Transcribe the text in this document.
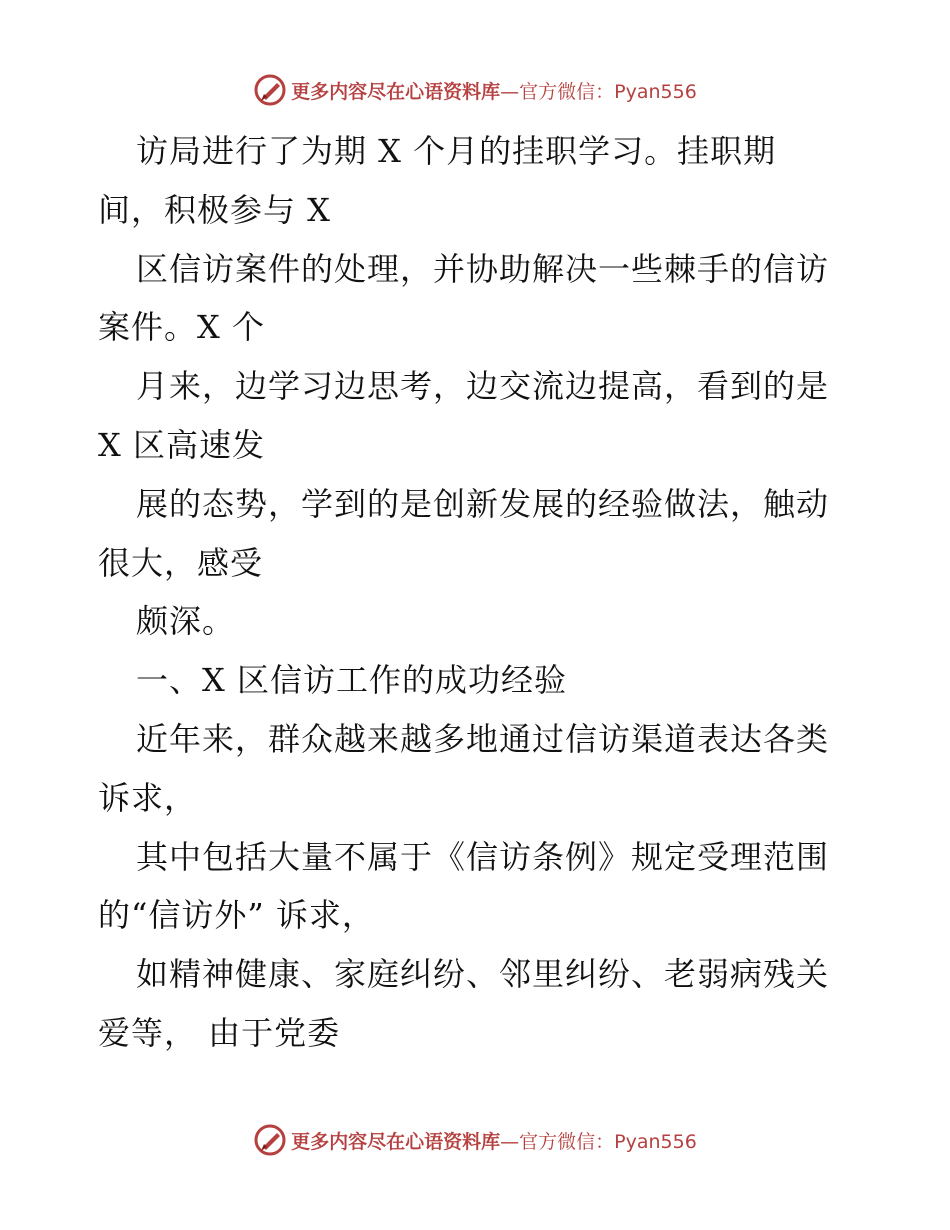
更多内容尽在心语资料库 —官方微信：Pyan556
访局进行了为期 X 个月的挂职学习。挂职期
间，积极参与 X
区信访案件的处理，并协助解决一些棘手的信访
案件。X 个
月来，边学习边思考，边交流边提高，看到的是
X 区高速发
展的态势，学到的是创新发展的经验做法，触动
很大，感受
颇深。
一、X 区信访工作的成功经验
近年来，群众越来越多地通过信访渠道表达各类
诉求，
其中包括大量不属于《信访条例》规定受理范围
的“信访外” 诉求，
如精神健康、家庭纠纷、邻里纠纷、老弱病残关
爱等， 由于党委
更多内容尽在心语资料库 —官方微信：Pyan556
